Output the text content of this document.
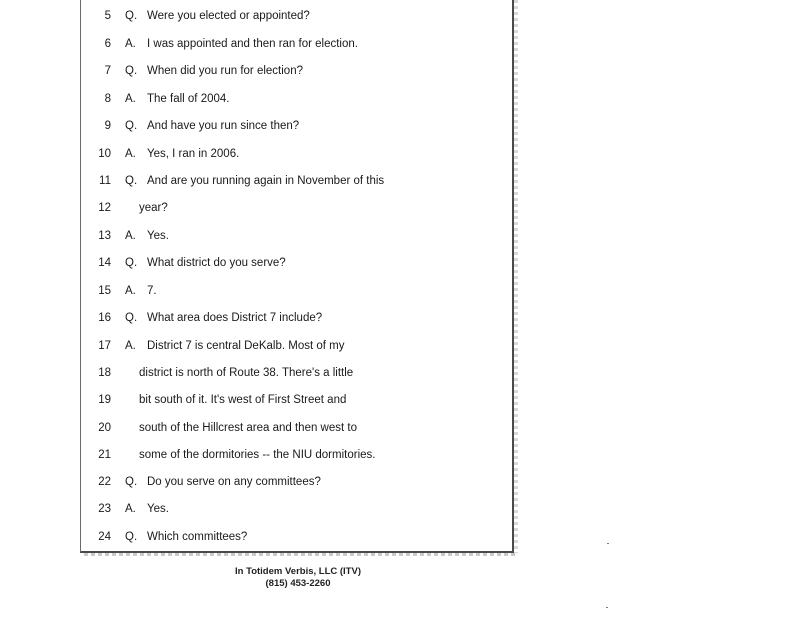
5 Q. Were you elected or appointed?
6 A. I was appointed and then ran for election.
7 Q. When did you run for election?
8 A. The fall of 2004.
9 Q. And have you run since then?
10 A. Yes, I ran in 2006.
11 Q. And are you running again in November of this
12 year?
13 A. Yes.
14 Q. What district do you serve?
15 A. 7.
16 Q. What area does District 7 include?
17 A. District 7 is central DeKalb. Most of my
18 district is north of Route 38. There's a little
19 bit south of it. It's west of First Street and
20 south of the Hillcrest area and then west to
21 some of the dormitories -- the NIU dormitories.
22 Q. Do you serve on any committees?
23 A. Yes.
24 Q. Which committees?
In Totidem Verbis, LLC (ITV)
(815) 453-2260
